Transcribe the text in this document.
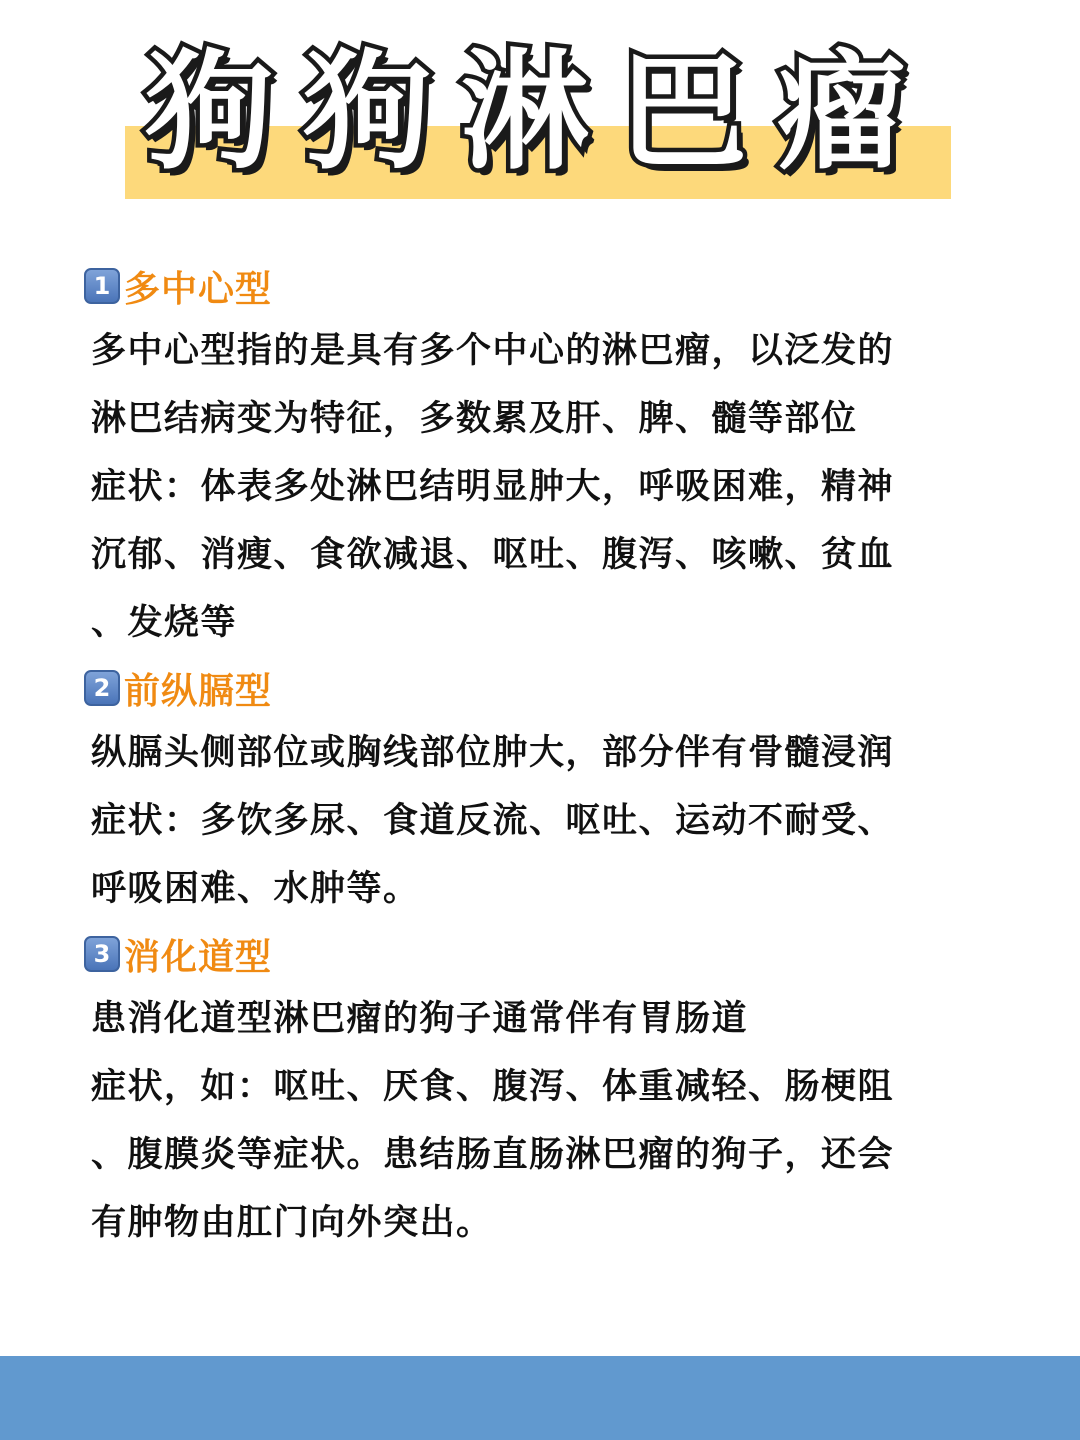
狗狗淋巴瘤
1 多中心型
多中心型指的是具有多个中心的淋巴瘤，以泛发的
淋巴结病变为特征，多数累及肝、脾、髓等部位
症状：体表多处淋巴结明显肿大，呼吸困难，精神
沉郁、消瘦、食欲减退、呕吐、腹泻、咳嗽、贫血
、发烧等
2 前纵膈型
纵膈头侧部位或胸线部位肿大，部分伴有骨髓浸润
症状：多饮多尿、食道反流、呕吐、运动不耐受、
呼吸困难、水肿等。
3 消化道型
患消化道型淋巴瘤的狗子通常伴有胃肠道
症状，如：呕吐、厌食、腹泻、体重减轻、肠梗阻
、腹膜炎等症状。患结肠直肠淋巴瘤的狗子，还会
有肿物由肛门向外突出。
